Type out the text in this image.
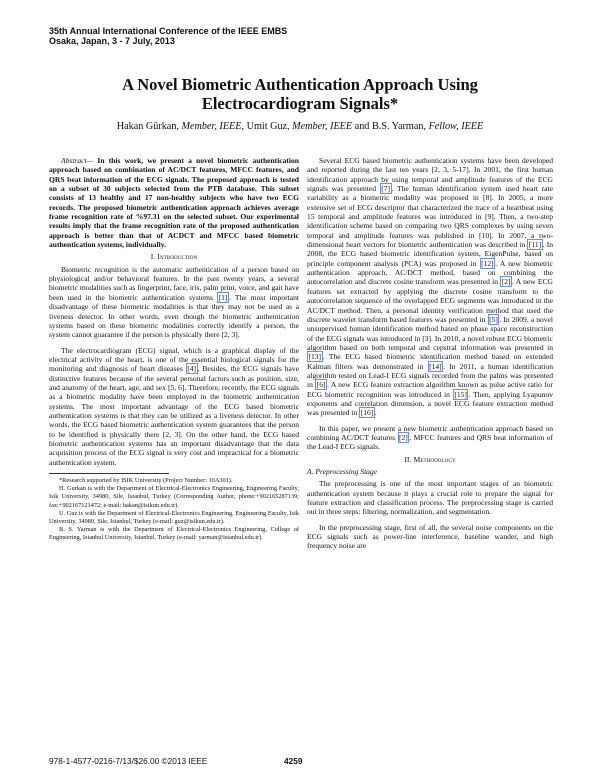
35th Annual International Conference of the IEEE EMBS
Osaka, Japan, 3 - 7 July, 2013
A Novel Biometric Authentication Approach Using
Electrocardiogram Signals*
Hakan Gürkan, Member, IEEE, Umit Guz, Member, IEEE and B.S. Yarman, Fellow, IEEE

Abstract— In this work, we present a novel biometric authentication approach based on combination of AC/DCT features, MFCC features, and QRS beat information of the ECG signals. The proposed approach is tested on a subset of 30 subjects selected from the PTB database. This subset consists of 13 healthy and 17 non-healthy subjects who have two ECG records. The proposed biometric authentication approach achieves average frame recognition rate of %97.31 on the selected subset. Our experimental results imply that the frame recognition rate of the proposed authentication approach is better than that of ACDCT and MFCC based biometric authentication systems, individually.

I. Introduction

Biometric recognition is the automatic authentication of a person based on physiological and/or behavioral features. In the past twenty years, a several biometric modalities such as fingerprint, face, iris, palm print, voice, and gait have been used in the biometric authentication systems [1] . The most important disadvantage of these biometric modalities is that they may not be used as a liveness detector. In other words, even though the biometric authentication systems based on these biometric modalities correctly identify a person, the system cannot guarantee if the person is physically there [2, 3].

The electrocardiogram (ECG) signal, which is a graphical display of the electrical activity of the heart, is one of the essential biological signals for the monitoring and diagnosis of heart diseases [4] . Besides, the ECG signals have distinctive features because of the several personal factors such as position, size, and anatomy of the heart, age, and sex [5, 6]. Therefore, recently, the ECG signals as a biometric modality have been employed in the biometric authentication systems. The most important advantage of the ECG based biometric authentication systems is that they can be utilized as a liveness detector. In other words, the ECG based biometric authentication system guarantees that the person to be identified is physically there [2, 3]. On the other hand, the ECG based biometric authentication systems has an important disadvantage that the data acquisition process of the ECG signal is very cost and impractical for a biometric authentication system.

*Research supported by ISIK University (Project Number: 10A301).

H. Gurkan is with the Department of Electrical-Electronics Engineering, Engineering Faculty, Isik University, 34980, Sile, Istanbul, Turkey (Corresponding Author, phone:+902165287139; fax:+902167121472; e-mail: hakan@isikun.edu.tr).

U. Guz is with the Department of Electrical-Electronics Engineering, Engineering Faculty, Isik University, 34980, Sile, Istanbul, Turkey (e-mail: guz@isikun.edu.tr).

B. S. Yarman is with the Department of Electrical-Electronics Engineering, College of Engineering, Istanbul University, Istanbul, Turkey (e-mail: yarman@istanbul.edu.tr).

Several ECG based biometric authentication systems have been developed and reported during the last ten years [2, 3, 5-17]. In 2001, the first human identification approach by using temporal and amplitude features of the ECG signals was presented [7] . The human identification system used heart rate variability as a biometric modality was proposed in [8]. In 2005, a more extensive set of ECG descriptor that characterized the trace of a heartbeat using 15 temporal and amplitude features was introduced in [9]. Then, a two-step identification scheme based on comparing two QRS complexes by using seven temporal and amplitude features was published in [10]. In 2007, a two-dimensional heart vectors for biometric authentication was described in [11] . In 2008, the ECG based biometric identification system, EigenPulse, based on principle component analysis (PCA) was proposed in [12] . A new biometric authentication approach, AC/DCT method, based on combining the autocorrelation and discrete cosine transform was presented in [2] . A new ECG features set extracted by applying the discrete cosine transform to the autocorrelation sequence of the overlapped ECG segments was introduced in the AC/DCT method. Then, a personal identity verification method that used the discrete wavelet transform based features was presented in [5] . In 2009, a novel unsupervised human identification method based on phase space reconstruction of the ECG signals was introduced in [3]. In 2010, a novel robust ECG biometric algorithm based on both temporal and cepstral information was presented in [13] . The ECG based biometric identification method based on extended Kalman filters was demonstrated in [14] . In 2011, a human identification algorithm tested on Lead-I ECG signals recorded from the palms was presented in [6] . A new ECG feature extraction algorithm known as pulse active ratio for ECG biometric recognition was introduced in [15] . Then, applying Lyapunov exponents and correlation dimension, a novel ECG feature extraction method was presented in [16] .

In this paper, we present a new biometric authentication approach based on combining AC/DCT features [2] , MFCC features and QRS beat information of the Lead-I ECG signals.

II. Methodology
A. Preprocessing Stage

The preprocessing is one of the most important stages of an biometric authentication system because it plays a crucial role to prepare the signal for feature extraction and classification process. The preprocessing stage is carried out in three steps: filtering, normalization, and segmentation.

In the preprocessing stage, first of all, the several noise components on the ECG signals such as power-line interference, baseline wander, and high frequency noise are

978-1-4577-0216-7/13/$26.00 ©2013 IEEE	4259
